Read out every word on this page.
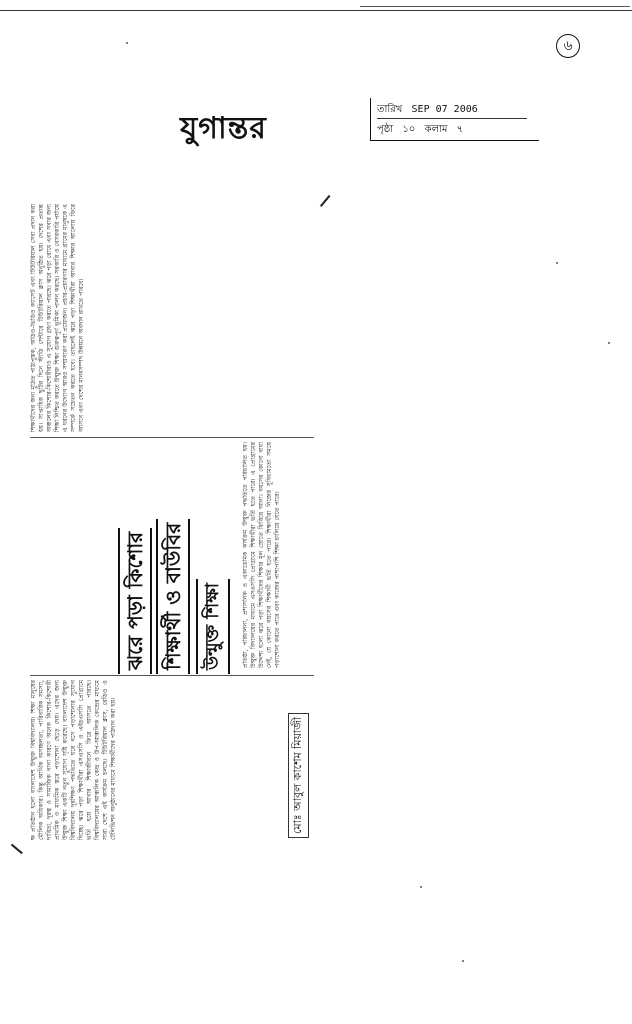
৬
যুগান্তর
তারিখ SEP 07 2006
পৃষ্ঠা ১০ কলাম ৭
ক্ষ প্রতিষ্ঠান হলো বাংলাদেশ উন্মুক্ত বিশ্ববিদ্যালয়। শিক্ষা মানুষের মৌলিক অধিকার। কিন্তু আর্থিক অসচ্ছলতা, পারিবারিক সমস্যা, দারিদ্র্য, দূরত্ব ও সামাজিক নানা কারণে অনেক কিশোর-কিশোরী প্রাথমিক ও মাধ্যমিক স্তরে পড়াশোনা ছেড়ে দেয়। এদের জন্য উন্মুক্ত শিক্ষা একটি নতুন সুযোগ সৃষ্টি করেছে। বাংলাদেশ উন্মুক্ত বিশ্ববিদ্যালয় দূরশিক্ষণ পদ্ধতিতে ঘরে বসে পড়াশোনার সুযোগ দিচ্ছে। ঝরে পড়া শিক্ষার্থীরা এসএসসি ও এইচএসসি প্রোগ্রামে ভর্তি হয়ে আবার শিক্ষাজীবনে ফিরে আসতে পারছে। বিশ্ববিদ্যালয়ের আঞ্চলিক কেন্দ্র ও উপ-আঞ্চলিক কেন্দ্রের মাধ্যমে সারা দেশে এই কার্যক্রম চলছে। টিউটরিয়াল ক্লাস, রেডিও ও টেলিভিশন অনুষ্ঠানের মাধ্যমে শিক্ষার্থীদের পাঠদান করা হয়।
ঝরে পড়া কিশোর শিক্ষার্থী ও বাউবির উন্মুক্ত শিক্ষা
মোঃ আবুল কাশেম মিয়াজী
প্রতিষ্ঠা, পরিচালনা, প্রশাসনিক ও একাডেমিক কার্যক্রম উন্মুক্ত পদ্ধতিতে পরিচালিত হয়। উন্মুক্ত বিদ্যালয়ের মাধ্যমে এসএসসি প্রোগ্রামে শিক্ষার্থীরা ভর্তি হতে পারে। এ প্রোগ্রামের উদ্দেশ্য হলো ঝরে পড়া শিক্ষার্থীদের শিক্ষার মূল স্রোতে ফিরিয়ে আনা। বয়সের কোনো বাধা নেই, যে কোনো বয়সের শিক্ষার্থী ভর্তি হতে পারে। শিক্ষার্থীরা নিজের সুবিধামতো সময়ে পড়াশোনা করতে পারে এবং কাজের পাশাপাশি শিক্ষা চালিয়ে যেতে পারে।
শিক্ষার্থীদের জন্য মুদ্রিত পাঠ্যপুস্তক, অডিও-ভিডিও ক্যাসেট এবং টিউটরিয়াল সেবা প্রদান করা হয়। সাপ্তাহিক ছুটির দিনে স্টাডি সেন্টারে টিউটরিয়াল ক্লাস অনুষ্ঠিত হয়। দেশের প্রত্যন্ত অঞ্চলের কিশোর-কিশোরীরাও এ সুযোগ গ্রহণ করতে পারছে। ঝরে পড়া রোধে এবং সবার জন্য শিক্ষা নিশ্চিত করতে উন্মুক্ত শিক্ষা গুরুত্বপূর্ণ ভূমিকা পালন করছে। সরকারি ও বেসরকারি পর্যায়ে এ ধরনের উদ্যোগ আরও সম্প্রসারণ করা প্রয়োজন। প্রচার-প্রচারণার মাধ্যমে গ্রামের মানুষকে এ সম্পর্কে সচেতন করতে হবে। তাহলেই ঝরে পড়া শিক্ষার্থীরা আবার শিক্ষার আলোয় ফিরে আসবে এবং দেশের মানবসম্পদ উন্নয়নে অবদান রাখতে পারবে।
